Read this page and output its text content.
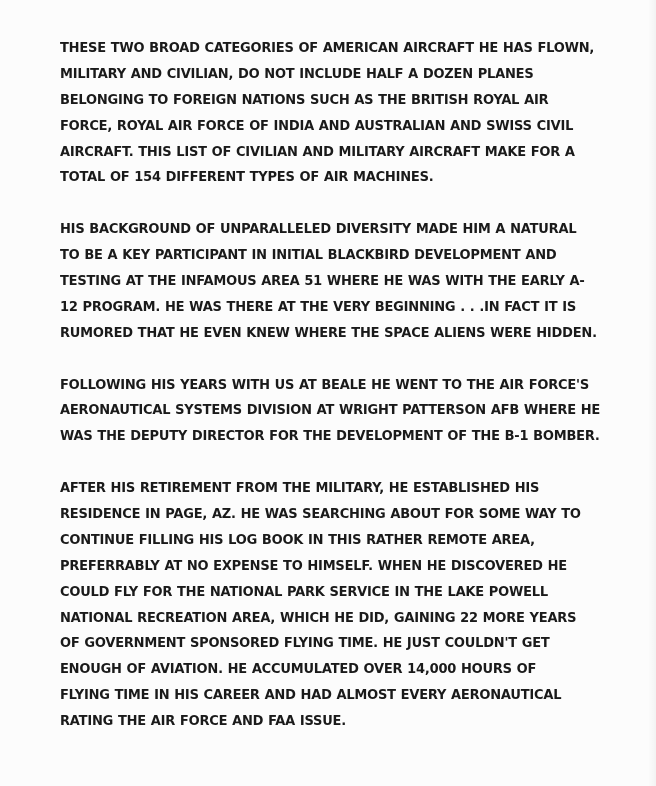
THESE TWO BROAD CATEGORIES OF AMERICAN AIRCRAFT HE HAS FLOWN,
MILITARY AND CIVILIAN, DO NOT INCLUDE HALF A DOZEN PLANES
BELONGING TO FOREIGN NATIONS SUCH AS THE BRITISH ROYAL AIR
FORCE, ROYAL AIR FORCE OF INDIA AND AUSTRALIAN AND SWISS CIVIL
AIRCRAFT. THIS LIST OF CIVILIAN AND MILITARY AIRCRAFT MAKE FOR A
TOTAL OF 154 DIFFERENT TYPES OF AIR MACHINES.

HIS BACKGROUND OF UNPARALLELED DIVERSITY MADE HIM A NATURAL
TO BE A KEY PARTICIPANT IN INITIAL BLACKBIRD DEVELOPMENT AND
TESTING AT THE INFAMOUS AREA 51 WHERE HE WAS WITH THE EARLY A-
12 PROGRAM. HE WAS THERE AT THE VERY BEGINNING . . .IN FACT IT IS
RUMORED THAT HE EVEN KNEW WHERE THE SPACE ALIENS WERE HIDDEN.

FOLLOWING HIS YEARS WITH US AT BEALE HE WENT TO THE AIR FORCE'S
AERONAUTICAL SYSTEMS DIVISION AT WRIGHT PATTERSON AFB WHERE HE
WAS THE DEPUTY DIRECTOR FOR THE DEVELOPMENT OF THE B-1 BOMBER.

AFTER HIS RETIREMENT FROM THE MILITARY, HE ESTABLISHED HIS
RESIDENCE IN PAGE, AZ. HE WAS SEARCHING ABOUT FOR SOME WAY TO
CONTINUE FILLING HIS LOG BOOK IN THIS RATHER REMOTE AREA,
PREFERRABLY AT NO EXPENSE TO HIMSELF. WHEN HE DISCOVERED HE
COULD FLY FOR THE NATIONAL PARK SERVICE IN THE LAKE POWELL
NATIONAL RECREATION AREA, WHICH HE DID, GAINING 22 MORE YEARS
OF GOVERNMENT SPONSORED FLYING TIME. HE JUST COULDN'T GET
ENOUGH OF AVIATION. HE ACCUMULATED OVER 14,000 HOURS OF
FLYING TIME IN HIS CAREER AND HAD ALMOST EVERY AERONAUTICAL
RATING THE AIR FORCE AND FAA ISSUE.
